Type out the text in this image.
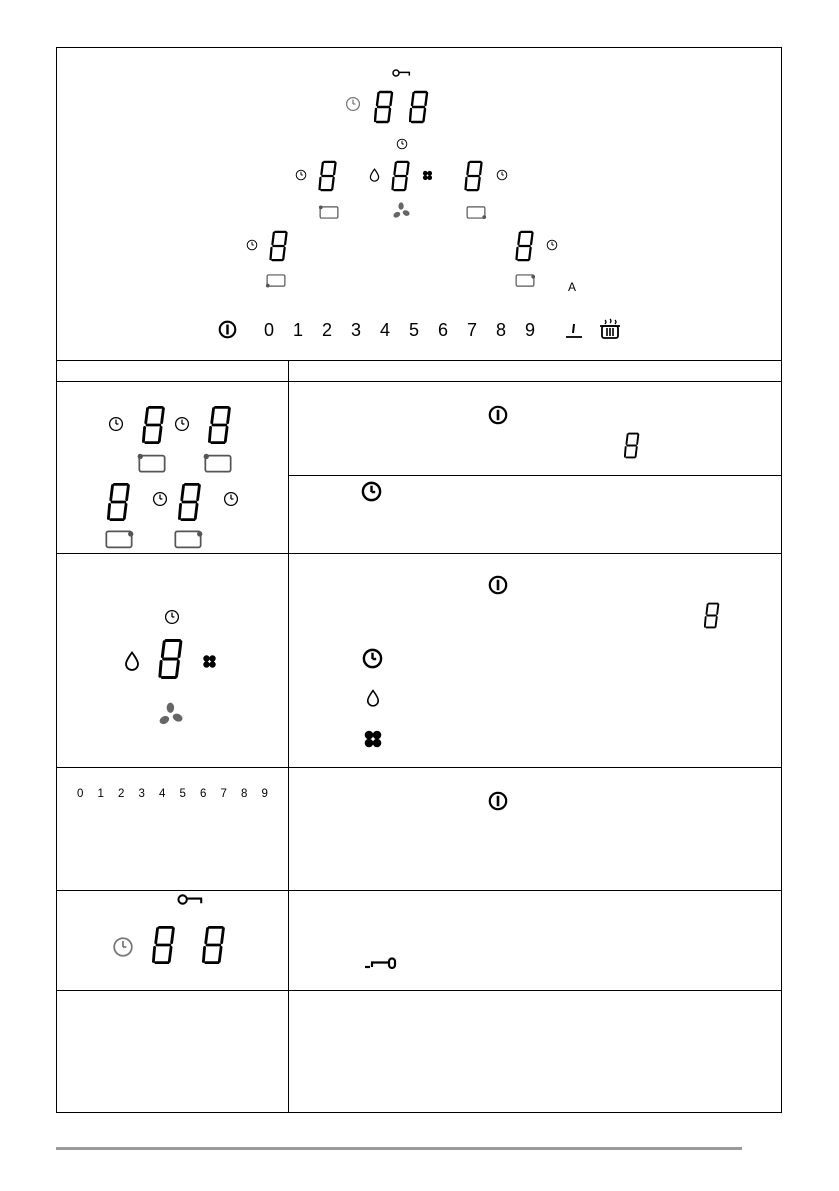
A
0 1 2 3 4 5 6 7 8 9
0 1 2 3 4 5 6 7 8 9
